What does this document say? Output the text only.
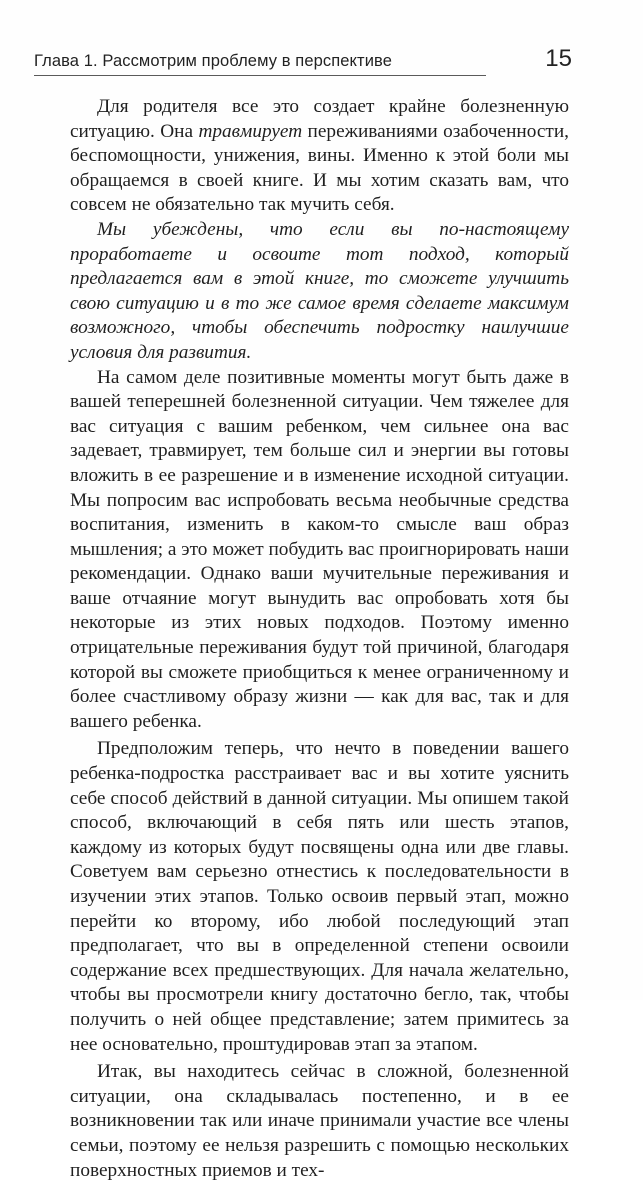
Глава 1. Рассмотрим проблему в перспективе	15

Для родителя все это создает крайне болезненную ситуацию. Она травмирует переживаниями озабоченности, беспомощности, унижения, вины. Именно к этой боли мы обращаемся в своей книге. И мы хотим сказать вам, что совсем не обязательно так мучить себя.

Мы убеждены, что если вы по-настоящему проработаете и освоите тот подход, который предлагается вам в этой книге, то сможете улучшить свою ситуацию и в то же самое время сделаете максимум возможного, чтобы обеспечить подростку наилучшие условия для развития.

На самом деле позитивные моменты могут быть даже в вашей теперешней болезненной ситуации. Чем тяжелее для вас ситуация с вашим ребенком, чем сильнее она вас задевает, травмирует, тем больше сил и энергии вы готовы вложить в ее разрешение и в изменение исходной ситуации. Мы попросим вас испробовать весьма необычные средства воспитания, изменить в каком-то смысле ваш образ мышления; а это может побудить вас проигнорировать наши рекомендации. Однако ваши мучительные переживания и ваше отчаяние могут вынудить вас опробовать хотя бы некоторые из этих новых подходов. Поэтому именно отрицательные переживания будут той причиной, благодаря которой вы сможете приобщиться к менее ограниченному и более счастливому образу жизни — как для вас, так и для вашего ребенка.

Предположим теперь, что нечто в поведении вашего ребенка-подростка расстраивает вас и вы хотите уяснить себе способ действий в данной ситуации. Мы опишем такой способ, включающий в себя пять или шесть этапов, каждому из которых будут посвящены одна или две главы. Советуем вам серьезно отнестись к последовательности в изучении этих этапов. Только освоив первый этап, можно перейти ко второму, ибо любой последующий этап предполагает, что вы в определенной степени освоили содержание всех предшествующих. Для начала желательно, чтобы вы просмотрели книгу достаточно бегло, так, чтобы получить о ней общее представление; затем примитесь за нее основательно, проштудировав этап за этапом.

Итак, вы находитесь сейчас в сложной, болезненной ситуации, она складывалась постепенно, и в ее возникновении так или иначе принимали участие все члены семьи, поэтому ее нельзя разрешить с помощью нескольких поверхностных приемов и тех-
